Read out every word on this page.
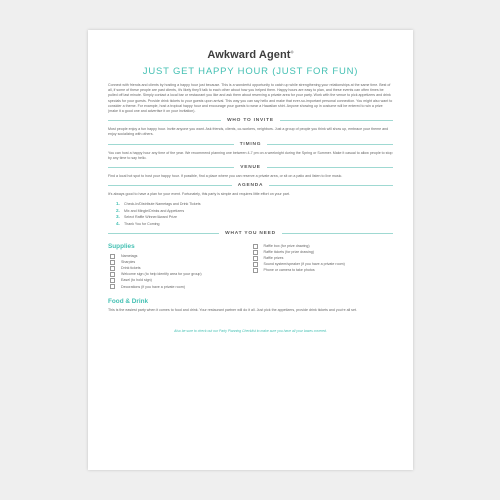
Awkward Agent®
JUST GET HAPPY HOUR (JUST FOR FUN)

Connect with friends and clients by hosting a happy hour just because. This is a wonderful opportunity to catch up while strengthening your relationships at the same time. Best of all, if some of these people are past clients, it's likely they'll talk to each other about how you helped them. Happy hours are easy to plan, and these events can often times be pulled off last minute. Simply contact a local bar or restaurant you like and ask them about reserving a private area for your party. Work with the venue to pick appetizers and drink specials for your guests. Provide drink tickets to your guests upon arrival. This way you can say hello and make that ever-so-important personal connection. You might also want to consider a theme. For example, host a tropical happy hour and encourage your guests to wear a Hawaiian shirt. Anyone showing up in costume will be entered to win a prize (make it a good one and advertise it on your invitation).

WHO TO INVITE

Most people enjoy a fun happy hour. Invite anyone you want. Ask friends, clients, co-workers, neighbors. Just a group of people you think will show up, embrace your theme and enjoy socializing with others.

TIMING

You can host a happy hour any time of the year. We recommend planning one between 4-7 pm on a weeknight during the Spring or Summer. Make it casual to allow people to stop by any time to say hello.

VENUE

Find a local hot spot to host your happy hour. If possible, find a place where you can reserve a private area, or sit on a patio and listen to live music.

AGENDA

It's always good to have a plan for your event. Fortunately, this party is simple and requires little effort on your part.

1. Check-In/Distribute Nametags and Drink Tickets
2. Mix and Mingle/Drinks and Appetizers
3. Select Raffle Winner/Award Prize
4. Thank You for Coming
WHAT YOU NEED
Supplies
Nametags
Sharpies
Drink tickets
Welcome sign (to help identify area for your group)
Easel (to hold sign)
Decorations (if you have a private room)
Raffle box (for prize drawing)
Raffle tickets (for prize drawing)
Raffle prizes
Sound system/speaker (if you have a private room)
Phone or camera to take photos
Food & Drink

This is the easiest party when it comes to food and drink. Your restaurant partner will do it all. Just pick the appetizers, provide drink tickets and you're all set.

Also be sure to check out our Party Planning Checklist to make sure you have all your bases covered.
